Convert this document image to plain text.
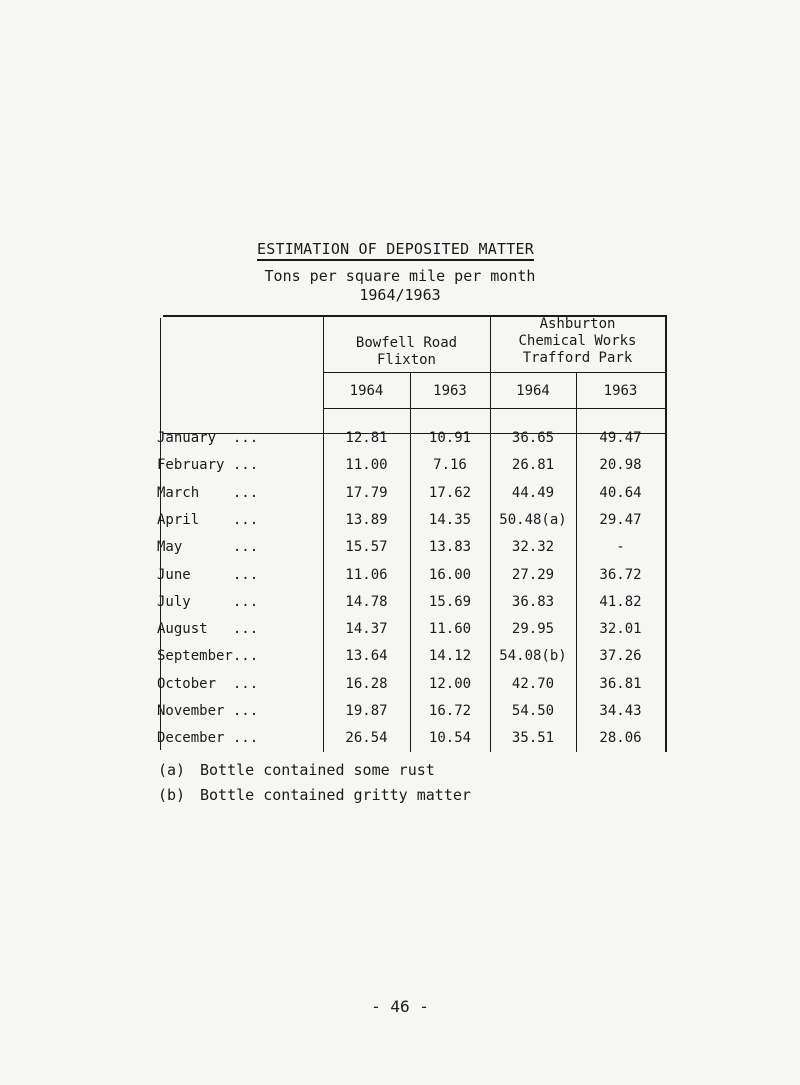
ESTIMATION OF DEPOSITED MATTER
Tons per square mile per month
1964/1963
Bowfell Road
Flixton
Ashburton
Chemical Works
Trafford Park
1964	1963	1964	1963
January  ...	12.81	10.91	36.65	49.47
February ...	11.00	7.16	26.81	20.98
March    ...	17.79	17.62	44.49	40.64
April    ...	13.89	14.35	50.48(a)	29.47
May      ...	15.57	13.83	32.32	-
June     ...	11.06	16.00	27.29	36.72
July     ...	14.78	15.69	36.83	41.82
August   ...	14.37	11.60	29.95	32.01
September...	13.64	14.12	54.08(b)	37.26
October  ...	16.28	12.00	42.70	36.81
November ...	19.87	16.72	54.50	34.43
December ...	26.54	10.54	35.51	28.06
(a) Bottle contained some rust
(b) Bottle contained gritty matter
- 46 -
